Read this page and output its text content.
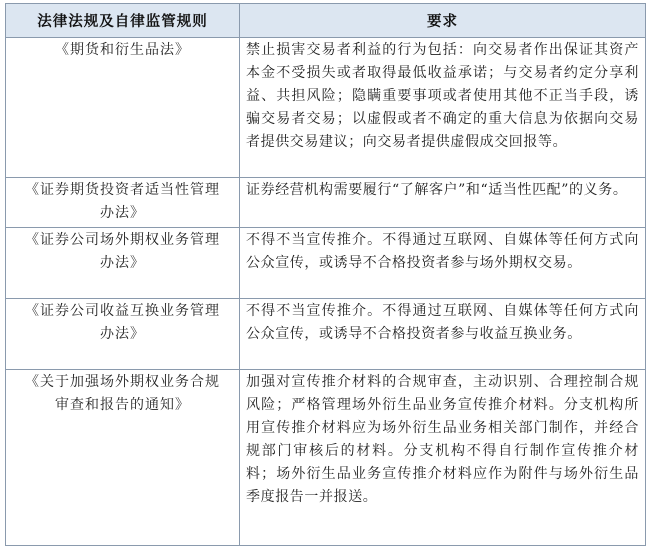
法律法规及自律监管规则	要求
《期货和衍生品法》	禁止损害交易者利益的行为包括：向交易者作出保证其资产本金不受损失或者取得最低收益承诺；与交易者约定分享利益、共担风险；隐瞒重要事项或者使用其他不正当手段，诱骗交易者交易；以虚假或者不确定的重大信息为依据向交易者提供交易建议；向交易者提供虚假成交回报等。
《证券期货投资者适当性管理办法》	证券经营机构需要履行“了解客户”和“适当性匹配”的义务。
《证券公司场外期权业务管理办法》	不得不当宣传推介。不得通过互联网、自媒体等任何方式向公众宣传，或诱导不合格投资者参与场外期权交易。
《证券公司收益互换业务管理办法》	不得不当宣传推介。不得通过互联网、自媒体等任何方式向公众宣传，或诱导不合格投资者参与收益互换业务。
《关于加强场外期权业务合规审查和报告的通知》	加强对宣传推介材料的合规审查，主动识别、合理控制合规风险；严格管理场外衍生品业务宣传推介材料。分支机构所用宣传推介材料应为场外衍生品业务相关部门制作，并经合规部门审核后的材料。分支机构不得自行制作宣传推介材料；场外衍生品业务宣传推介材料应作为附件与场外衍生品季度报告一并报送。
